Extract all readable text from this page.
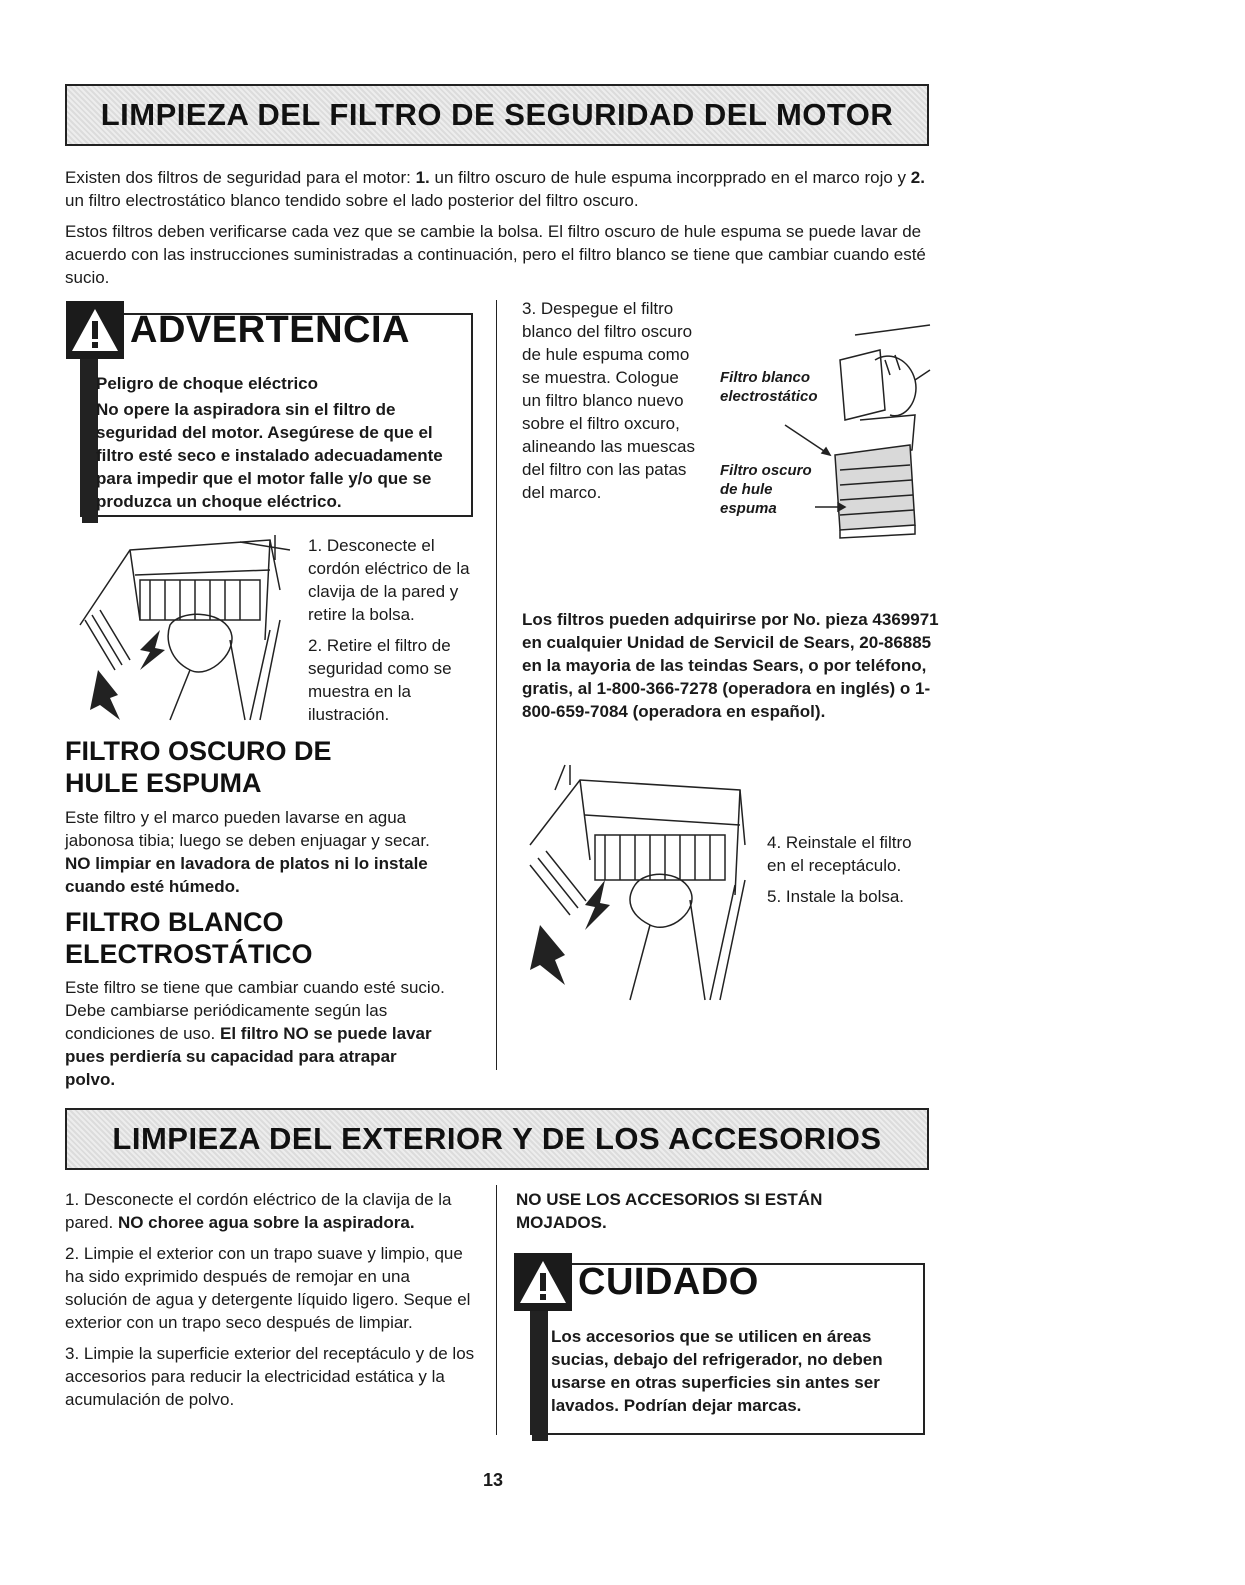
LIMPIEZA DEL FILTRO DE SEGURIDAD DEL MOTOR

Existen dos filtros de seguridad para el motor: 1. un filtro oscuro de hule espuma incorpprado en el marco rojo y 2. un filtro electrostático blanco tendido sobre el lado posterior del filtro oscuro.

Estos filtros deben verificarse cada vez que se cambie la bolsa. El filtro oscuro de hule espuma se puede lavar de acuerdo con las instrucciones suministradas a continuación, pero el filtro blanco se tiene que cambiar cuando esté sucio.

ADVERTENCIA
Peligro de choque eléctrico
No opere la aspiradora sin el filtro de seguridad del motor. Asegúrese de que el filtro esté seco e instalado adecuadamente para impedir que el motor falle y/o que se produzca un choque eléctrico.

1. Desconecte el cordón eléctrico de la clavija de la pared y retire la bolsa.

2. Retire el filtro de seguridad como se muestra en la ilustración.

FILTRO OSCURO DE HULE ESPUMA
Este filtro y el marco pueden lavarse en agua jabonosa tibia; luego se deben enjuagar y secar. NO limpiar en lavadora de platos ni lo instale cuando esté húmedo.
FILTRO BLANCO ELECTROSTÁTICO
Este filtro se tiene que cambiar cuando esté sucio. Debe cambiarse periódicamente según las condiciones de uso. El filtro NO se puede lavar pues perdiería su capacidad para atrapar polvo.
3. Despegue el filtro blanco del filtro oscuro de hule espuma como se muestra. Cologue un filtro blanco nuevo sobre el filtro oxcuro, alineando las muescas del filtro con las patas del marco.
Filtro blanco electrostático
Filtro oscuro de hule espuma
Los filtros pueden adquirirse por No. pieza 4369971 en cualquier Unidad de Servicil de Sears, 20-86885 en la mayoria de las teindas Sears, o por teléfono, gratis, al 1-800-366-7278 (operadora en inglés) o 1-800-659-7084 (operadora en español).

4. Reinstale el filtro en el receptáculo.

5. Instale la bolsa.

LIMPIEZA DEL EXTERIOR Y DE LOS ACCESORIOS

1. Desconecte el cordón eléctrico de la clavija de la pared. NO choree agua sobre la aspiradora.

2. Limpie el exterior con un trapo suave y limpio, que ha sido exprimido después de remojar en una solución de agua y detergente líquido ligero. Seque el exterior con un trapo seco después de limpiar.

3. Limpie la superficie exterior del receptáculo y de los accesorios para reducir la electricidad estática y la acumulación de polvo.

NO USE LOS ACCESORIOS SI ESTÁN MOJADOS.
CUIDADO
Los accesorios que se utilicen en áreas sucias, debajo del refrigerador, no deben usarse en otras superficies sin antes ser lavados. Podrían dejar marcas.
13
